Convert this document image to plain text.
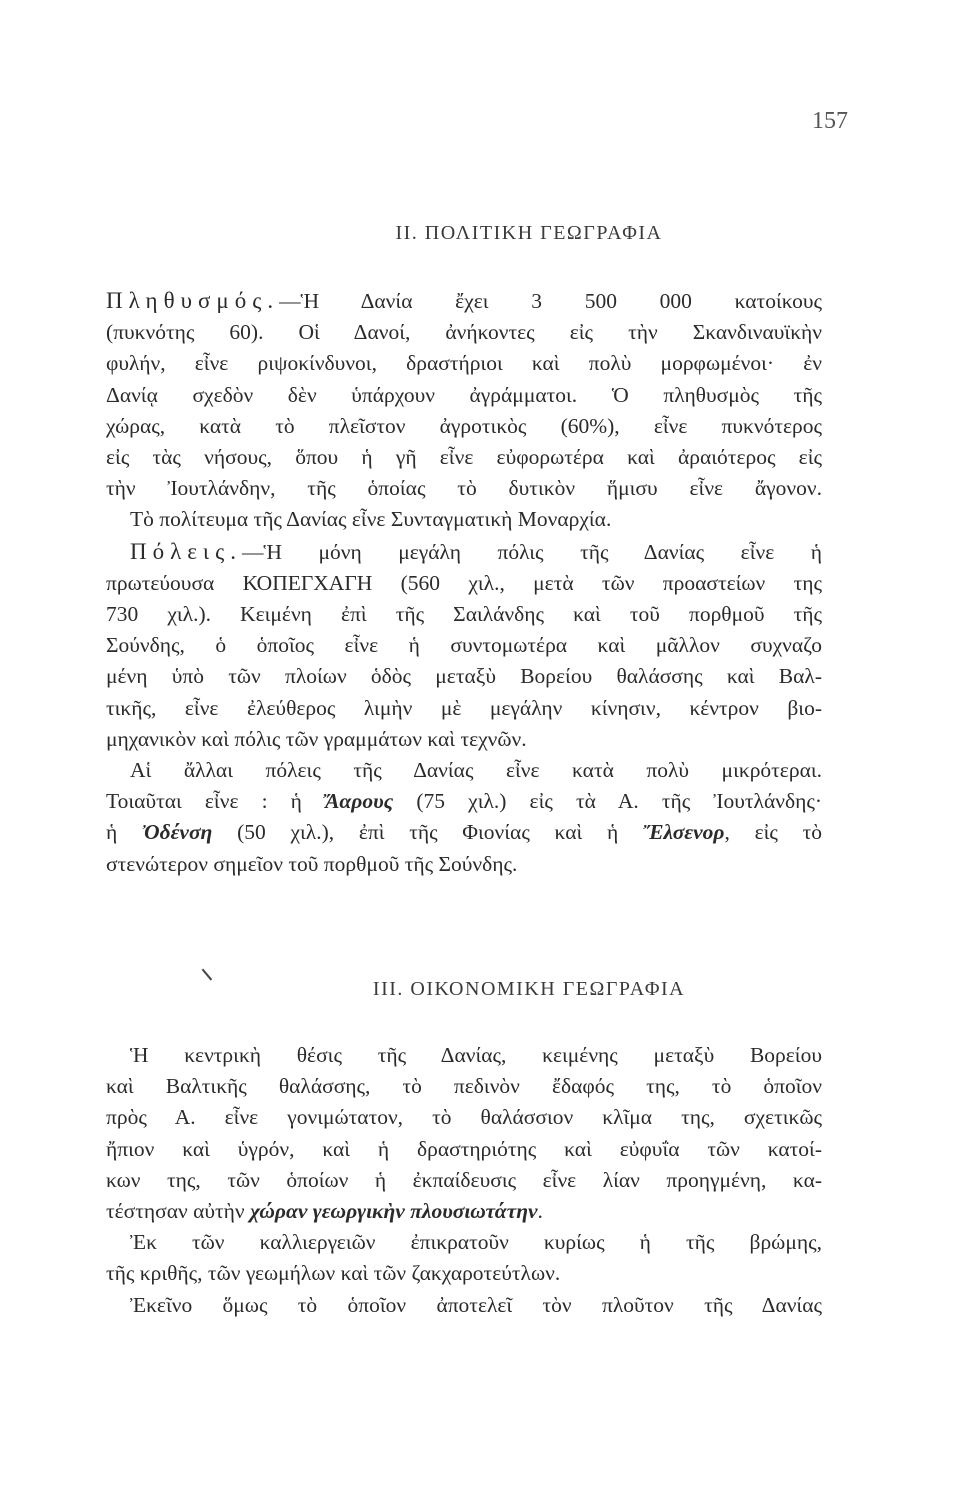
157
II. ΠΟΛΙΤΙΚΗ ΓΕΩΓΡΑΦΙΑ
Πληθυσμός.—Ἡ Δανία ἔχει 3 500 000 κατοίκους
(πυκνότης 60). Οἱ Δανοί, ἀνήκοντες εἰς τὴν Σκανδιναυϊκὴν
φυλήν, εἶνε ριψοκίνδυνοι, δραστήριοι καὶ πολὺ μορφωμένοι· ἐν
Δανίᾳ σχεδὸν δὲν ὑπάρχουν ἀγράμματοι. Ὁ πληθυσμὸς τῆς
χώρας, κατὰ τὸ πλεῖστον ἀγροτικὸς (60%), εἶνε πυκνότερος
εἰς τὰς νήσους, ὅπου ἡ γῆ εἶνε εὐφορωτέρα καὶ ἀραιότερος εἰς
τὴν Ἰουτλάνδην, τῆς ὁποίας τὸ δυτικὸν ἥμισυ εἶνε ἄγονον.
Τὸ πολίτευμα τῆς Δανίας εἶνε Συνταγματικὴ Μοναρχία.
Πόλεις.—Ἡ μόνη μεγάλη πόλις τῆς Δανίας εἶνε ἡ
πρωτεύουσα ΚΟΠΕΓΧΑΓΗ (560 χιλ., μετὰ τῶν προαστείων της
730 χιλ.). Κειμένη ἐπὶ τῆς Σαιλάνδης καὶ τοῦ πορθμοῦ τῆς
Σούνδης, ὁ ὁποῖος εἶνε ἡ συντομωτέρα καὶ μᾶλλον συχναζο
μένη ὑπὸ τῶν πλοίων ὁδὸς μεταξὺ Βορείου θαλάσσης καὶ Βαλ-
τικῆς, εἶνε ἐλεύθερος λιμὴν μὲ μεγάλην κίνησιν, κέντρον βιο-
μηχανικὸν καὶ πόλις τῶν γραμμάτων καὶ τεχνῶν.
Αἱ ἄλλαι πόλεις τῆς Δανίας εἶνε κατὰ πολὺ μικρότεραι.
Τοιαῦται εἶνε : ἡ Ἄαρους (75 χιλ.) εἰς τὰ Α. τῆς Ἰουτλάνδης·
ἡ Ὀδένση (50 χιλ.), ἐπὶ τῆς Φιονίας καὶ ἡ Ἔλσενορ, εἰς τὸ
στενώτερον σημεῖον τοῦ πορθμοῦ τῆς Σούνδης.
III. ΟΙΚΟΝΟΜΙΚΗ ΓΕΩΓΡΑΦΙΑ
Ἡ κεντρικὴ θέσις τῆς Δανίας, κειμένης μεταξὺ Βορείου
καὶ Βαλτικῆς θαλάσσης, τὸ πεδινὸν ἔδαφός της, τὸ ὁποῖον
πρὸς Α. εἶνε γονιμώτατον, τὸ θαλάσσιον κλῖμα της, σχετικῶς
ἤπιον καὶ ὑγρόν, καὶ ἡ δραστηριότης καὶ εὐφυΐα τῶν κατοί-
κων της, τῶν ὁποίων ἡ ἐκπαίδευσις εἶνε λίαν προηγμένη, κα-
τέστησαν αὐτὴν χώραν γεωργικὴν πλουσιωτάτην.
Ἐκ τῶν καλλιεργειῶν ἐπικρατοῦν κυρίως ἡ τῆς βρώμης,
τῆς κριθῆς, τῶν γεωμήλων καὶ τῶν ζακχαροτεύτλων.
Ἐκεῖνο ὅμως τὸ ὁποῖον ἀποτελεῖ τὸν πλοῦτον τῆς Δανίας
